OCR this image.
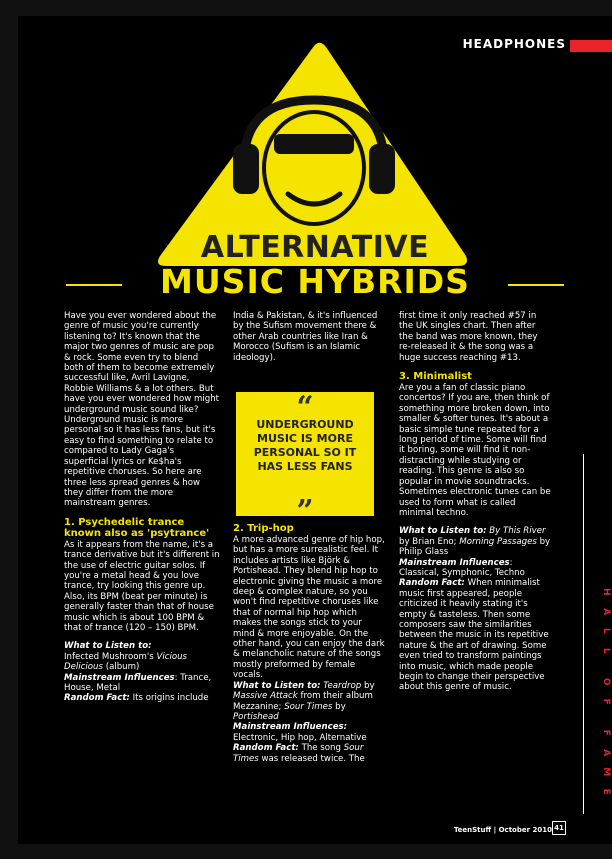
HEADPHONES
ALTERNATIVE
MUSIC HYBRIDS

Have you ever wondered about the genre of music you're currently listening to? It's known that the major two genres of music are pop & rock. Some even try to blend both of them to become extremely successful like, Avril Lavigne, Robbie Williams & a lot others. But have you ever wondered how might underground music sound like? Underground music is more personal so it has less fans, but it's easy to find something to relate to compared to Lady Gaga's superficial lyrics or Ke$ha's repetitive choruses. So here are three less spread genres & how they differ from the more mainstream genres.

1. Psychedelic trance known also as 'psytrance'

As it appears from the name, it's a trance derivative but it's different in the use of electric guitar solos. If you're a metal head & you love trance, try looking this genre up. Also, its BPM (beat per minute) is generally faster than that of house music which is about 100 BPM & that of trance (120 – 150) BPM.

What to Listen to:
Infected Mushroom's Vicious Delicious (album)
Mainstream Influences: Trance, House, Metal
Random Fact: Its origins include

India & Pakistan, & it's influenced by the Sufism movement there & other Arab countries like Iran & Morocco (Sufism is an Islamic ideology).

“
UNDERGROUND MUSIC IS MORE PERSONAL SO IT HAS LESS FANS
”
2. Trip-hop
A more advanced genre of hip hop, but has a more surrealistic feel. It includes artists like Björk & Portishead. They blend hip hop to electronic giving the music a more deep & complex nature, so you won't find repetitive choruses like that of normal hip hop which makes the songs stick to your mind & more enjoyable. On the other hand, you can enjoy the dark & melancholic nature of the songs mostly preformed by female vocals.
What to Listen to: Teardrop by Massive Attack from their album Mezzanine; Sour Times by Portishead
Mainstream Influences:
Electronic, Hip hop, Alternative
Random Fact: The song Sour Times was released twice. The

first time it only reached #57 in the UK singles chart. Then after the band was more known, they re-released it & the song was a huge success reaching #13.

3. Minimalist

Are you a fan of classic piano concertos? If you are, then think of something more broken down, into smaller & softer tunes. It's about a basic simple tune repeated for a long period of time. Some will find it boring, some will find it non-distracting while studying or reading. This genre is also so popular in movie soundtracks. Sometimes electronic tunes can be used to form what is called minimal techno.

What to Listen to: By This River by Brian Eno; Morning Passages by Philip Glass
Mainstream Influences: Classical, Symphonic, Techno
Random Fact: When minimalist music first appeared, people criticized it heavily stating it's empty & tasteless. Then some composers saw the similarities between the music in its repetitive nature & the art of drawing. Some even tried to transform paintings into music, which made people begin to change their perspective about this genre of music.
H
A
L
L
O
F
F
A
M
E
TeenStuff | October 2010 41
